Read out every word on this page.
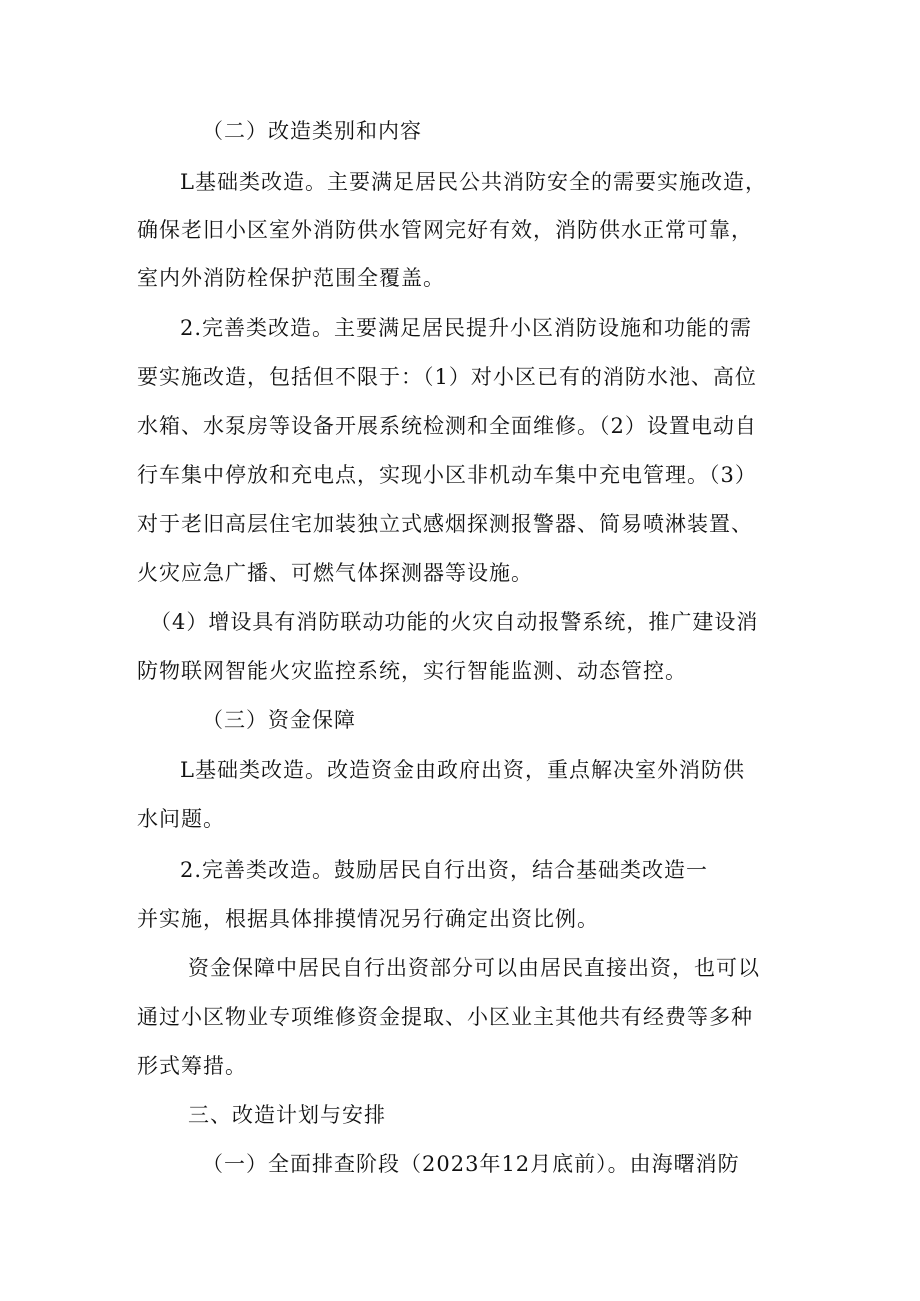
（二）改造类别和内容
L基础类改造。主要满足居民公共消防安全的需要实施改造，
确保老旧小区室外消防供水管网完好有效，消防供水正常可靠，
室内外消防栓保护范围全覆盖。
2.完善类改造。主要满足居民提升小区消防设施和功能的需
要实施改造，包括但不限于：（1）对小区已有的消防水池、高位
水箱、水泵房等设备开展系统检测和全面维修。（2）设置电动自
行车集中停放和充电点，实现小区非机动车集中充电管理。（3）
对于老旧高层住宅加装独立式感烟探测报警器、简易喷淋装置、
火灾应急广播、可燃气体探测器等设施。
（4）增设具有消防联动功能的火灾自动报警系统，推广建设消
防物联网智能火灾监控系统，实行智能监测、动态管控。
（三）资金保障
L基础类改造。改造资金由政府出资，重点解决室外消防供
水问题。
2.完善类改造。鼓励居民自行出资，结合基础类改造一
并实施，根据具体排摸情况另行确定出资比例。
资金保障中居民自行出资部分可以由居民直接出资，也可以
通过小区物业专项维修资金提取、小区业主其他共有经费等多种
形式筹措。
三、改造计划与安排
（一）全面排查阶段（2023年12月底前）。由海曙消防
